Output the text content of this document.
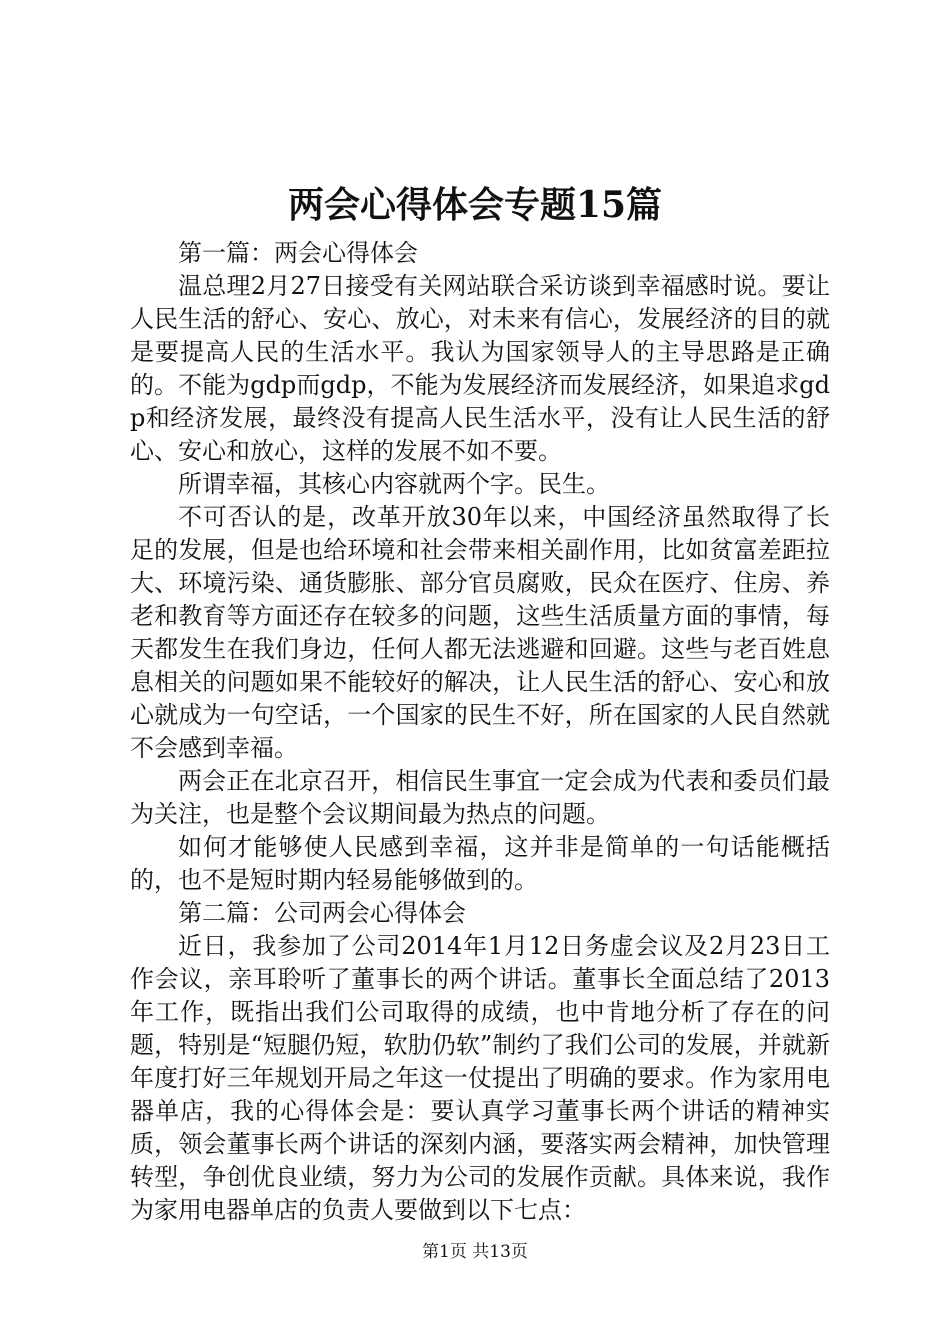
两会心得体会专题15篇

第一篇：两会心得体会

温总理2月27日接受有关网站联合采访谈到幸福感时说。要让人民生活的舒心、安心、放心，对未来有信心，发展经济的目的就是要提高人民的生活水平。我认为国家领导人的主导思路是正确的。不能为gdp而gdp，不能为发展经济而发展经济，如果追求gdp和经济发展，最终没有提高人民生活水平，没有让人民生活的舒心、安心和放心，这样的发展不如不要。

所谓幸福，其核心内容就两个字。民生。

不可否认的是，改革开放30年以来，中国经济虽然取得了长足的发展，但是也给环境和社会带来相关副作用，比如贫富差距拉大、环境污染、通货膨胀、部分官员腐败，民众在医疗、住房、养老和教育等方面还存在较多的问题，这些生活质量方面的事情，每天都发生在我们身边，任何人都无法逃避和回避。这些与老百姓息息相关的问题如果不能较好的解决，让人民生活的舒心、安心和放心就成为一句空话，一个国家的民生不好，所在国家的人民自然就不会感到幸福。

两会正在北京召开，相信民生事宜一定会成为代表和委员们最为关注，也是整个会议期间最为热点的问题。

如何才能够使人民感到幸福，这并非是简单的一句话能概括的，也不是短时期内轻易能够做到的。

第二篇：公司两会心得体会

近日，我参加了公司2014年1月12日务虚会议及2月23日工作会议，亲耳聆听了董事长的两个讲话。董事长全面总结了2013年工作，既指出我们公司取得的成绩，也中肯地分析了存在的问题，特别是“短腿仍短，软肋仍软”制约了我们公司的发展，并就新年度打好三年规划开局之年这一仗提出了明确的要求。作为家用电器单店，我的心得体会是：要认真学习董事长两个讲话的精神实质，领会董事长两个讲话的深刻内涵，要落实两会精神，加快管理转型，争创优良业绩，努力为公司的发展作贡献。具体来说，我作为家用电器单店的负责人要做到以下七点：

第1页 共13页
